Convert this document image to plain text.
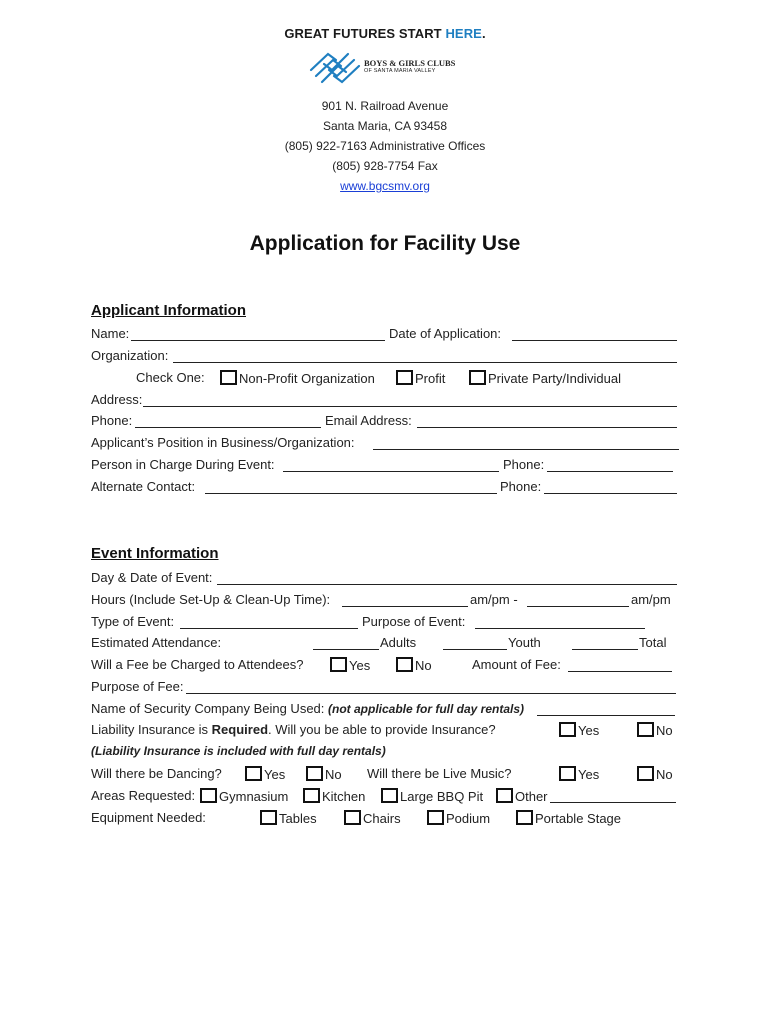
GREAT FUTURES START HERE.
BOYS & GIRLS CLUBS
OF SANTA MARIA VALLEY
901 N. Railroad Avenue
Santa Maria, CA 93458
(805) 922-7163 Administrative Offices
(805) 928-7754 Fax
www.bgcsmv.org
Application for Facility Use
Applicant Information
Name:	Date of Application:
Organization:
Check One:	Non-Profit Organization	Profit	Private Party/Individual
Address:
Phone:	Email Address:
Applicant’s Position in Business/Organization:
Person in Charge During Event:	Phone:
Alternate Contact:	Phone:
Event Information
Day & Date of Event:
Hours (Include Set-Up & Clean-Up Time):	am/pm -	am/pm
Type of Event:	Purpose of Event:
Estimated Attendance:	Adults	Youth	Total
Will a Fee be Charged to Attendees?	Yes	No	Amount of Fee:
Purpose of Fee:
Name of Security Company Being Used: (not applicable for full day rentals)
Liability Insurance is Required. Will you be able to provide Insurance?	Yes	No
(Liability Insurance is included with full day rentals)
Will there be Dancing?	Yes	No Will there be Live Music?	Yes	No
Areas Requested:	Gymnasium	Kitchen	Large BBQ Pit	Other
Equipment Needed:	Tables	Chairs	Podium	Portable Stage
